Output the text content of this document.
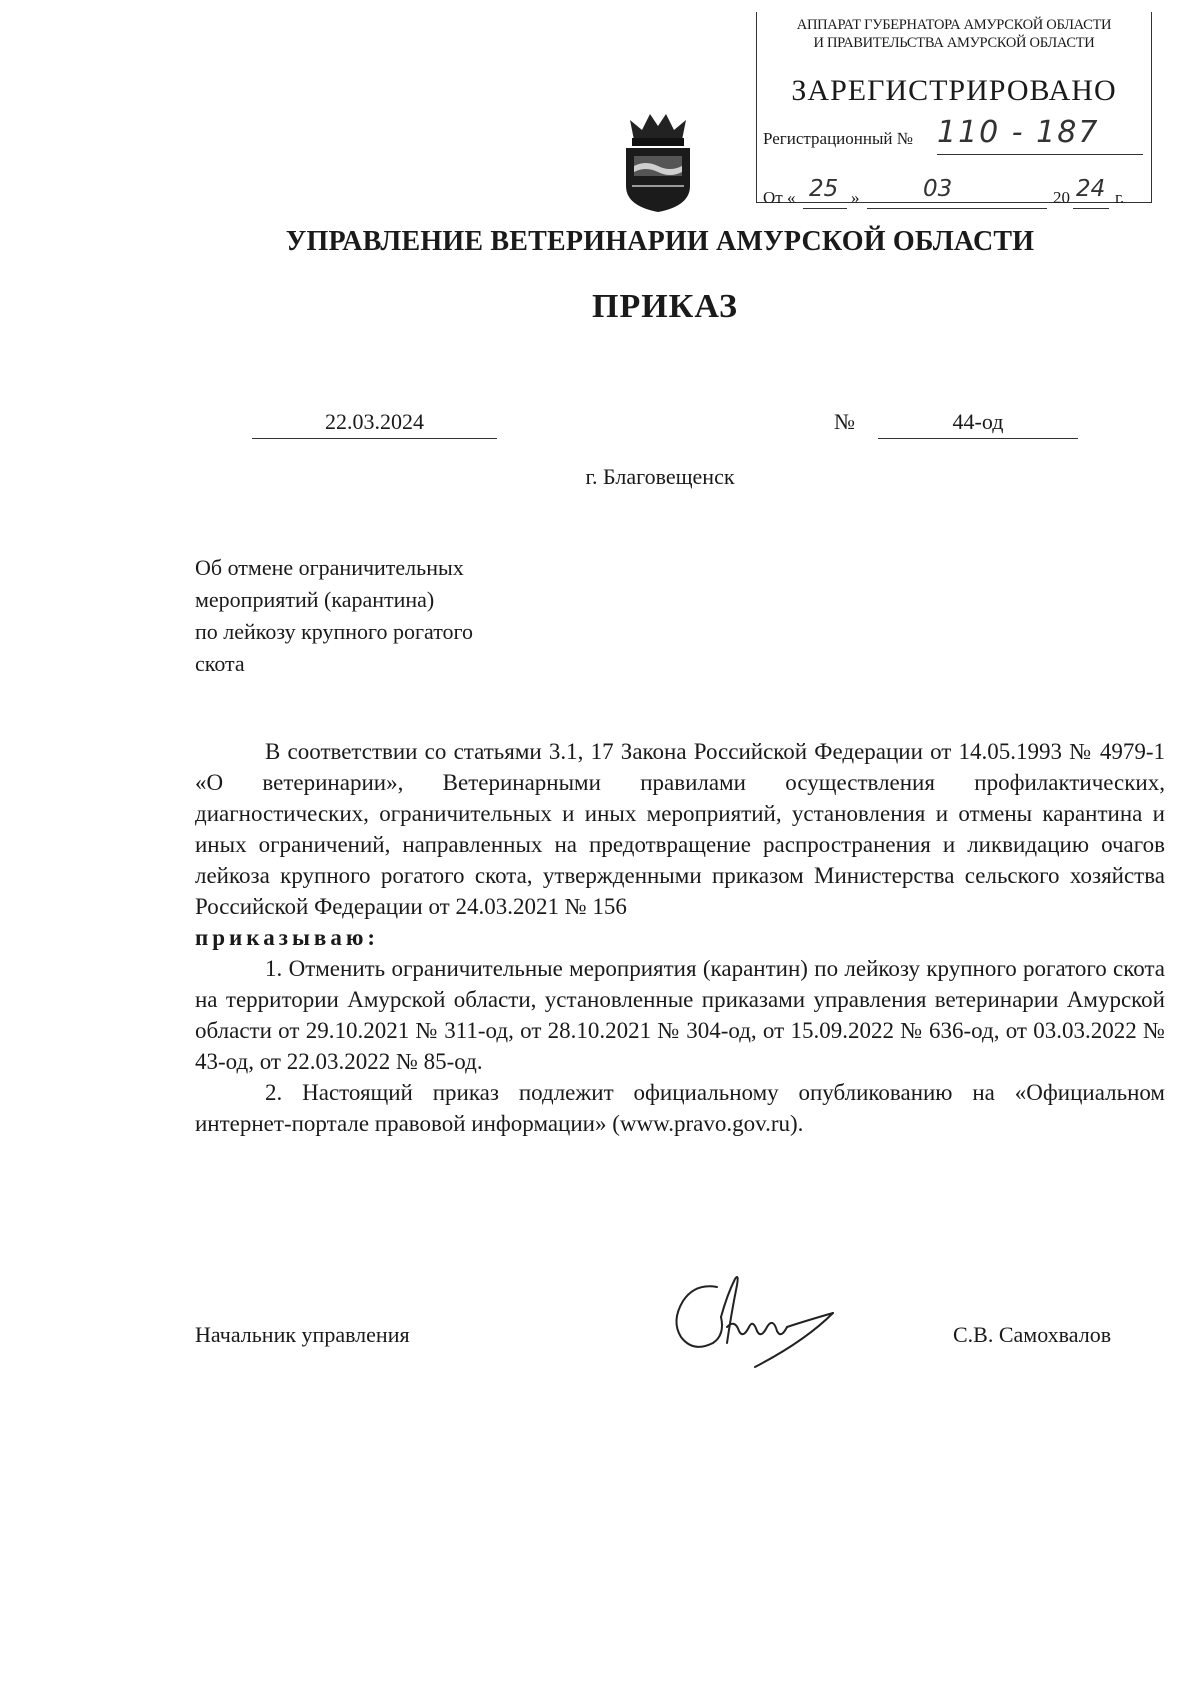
АППАРАТ ГУБЕРНАТОРА АМУРСКОЙ ОБЛАСТИ
И ПРАВИТЕЛЬСТВА АМУРСКОЙ ОБЛАСТИ
ЗАРЕГИСТРИРОВАНО
Регистрационный № 110 - 187
От « 25 »	03	20 24 г.
УПРАВЛЕНИЕ ВЕТЕРИНАРИИ АМУРСКОЙ ОБЛАСТИ
ПРИКАЗ
22.03.2024	№	44-од
г. Благовещенск
Об отмене ограничительных
мероприятий (карантина)
по лейкозу крупного рогатого
скота

В соответствии со статьями 3.1, 17 Закона Российской Федерации от 14.05.1993 № 4979-1 «О ветеринарии», Ветеринарными правилами осуществления профилактических, диагностических, ограничительных и иных мероприятий, установления и отмены карантина и иных ограничений, направленных на предотвращение распространения и ликвидацию очагов лейкоза крупного рогатого скота, утвержденными приказом Министерства сельского хозяйства Российской Федерации от 24.03.2021 № 156

приказываю:

1. Отменить ограничительные мероприятия (карантин) по лейкозу крупного рогатого скота на территории Амурской области, установленные приказами управления ветеринарии Амурской области от 29.10.2021 № 311-од, от 28.10.2021 № 304-од, от 15.09.2022 № 636-од, от 03.03.2022 № 43-од, от 22.03.2022 № 85-од.

2. Настоящий приказ подлежит официальному опубликованию на «Официальном интернет-портале правовой информации» (www.pravo.gov.ru).

Начальник управления	С.В. Самохвалов
